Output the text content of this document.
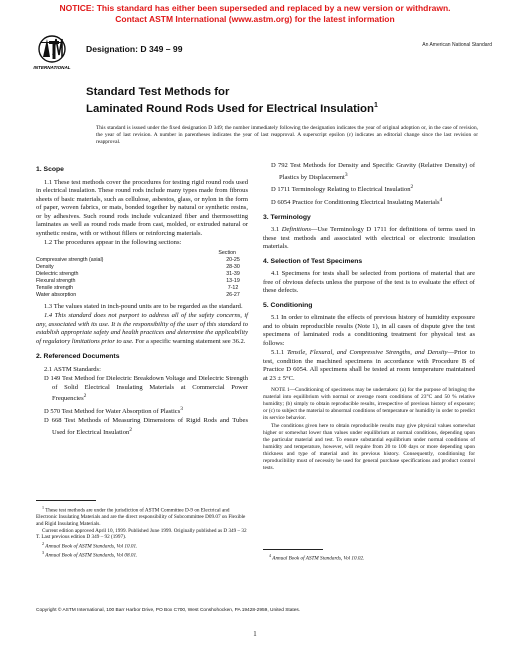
NOTICE: This standard has either been superseded and replaced by a new version or withdrawn.
Contact ASTM International (www.astm.org) for the latest information
INTERNATIONAL
Designation: D 349 – 99	An American National Standard
Standard Test Methods for
Laminated Round Rods Used for Electrical Insulation$^1$
This standard is issued under the fixed designation D 349; the number immediately following the designation indicates the year of original adoption or, in the case of revision, the year of last revision. A number in parentheses indicates the year of last reapproval. A superscript epsilon (ε) indicates an editorial change since the last revision or reapproval.
1. Scope

1.1 These test methods cover the procedures for testing rigid round rods used in electrical insulation. These round rods include many types made from fibrous sheets of basic materials, such as cellulose, asbestos, glass, or nylon in the form of paper, woven fabrics, or mats, bonded together by natural or synthetic resins, or by adhesives. Such round rods include vulcanized fiber and thermosetting laminates as well as round rods made from cast, molded, or extruded natural or synthetic resins, with or without fillers or reinforcing materials.

1.2 The procedures appear in the following sections:

Section
Compressive strength (axial)	20-25
Density	28-30
Dielectric strength	31-39
Flexural strength	13-19
Tensile strength	7-12
Water absorption	26-27

1.3 The values stated in inch-pound units are to be regarded as the standard.

1.4 This standard does not purport to address all of the safety concerns, if any, associated with its use. It is the responsibility of the user of this standard to establish appropriate safety and health practices and determine the applicability of regulatory limitations prior to use. For a specific warning statement see 36.2.

2. Referenced Documents

2.1 ASTM Standards:

D 149 Test Method for Dielectric Breakdown Voltage and Dielectric Strength of Solid Electrical Insulating Materials at Commercial Power Frequencies$^2$
D 570 Test Method for Water Absorption of Plastics$^3$
D 668 Test Methods of Measuring Dimensions of Rigid Rods and Tubes Used for Electrical Insulation$^2$

$^1$ These test methods are under the jurisdiction of ASTM Committee D-9 on Electrical and Electronic Insulating Materials and are the direct responsibility of Subcommittee D09.07 on Flexible and Rigid Insulating Materials.

Current edition approved April 10, 1999. Published June 1999. Originally published as D 349 – 32 T. Last previous edition D 349 – 92 (1997).

$^2$ Annual Book of ASTM Standards, Vol 10.01.

$^3$ Annual Book of ASTM Standards, Vol 08.01.

D 792 Test Methods for Density and Specific Gravity (Relative Density) of Plastics by Displacement$^3$
D 1711 Terminology Relating to Electrical Insulation$^2$
D 6054 Practice for Conditioning Electrical Insulating Materials$^4$
3. Terminology

3.1 Definitions—Use Terminology D 1711 for definitions of terms used in these test methods and associated with electrical or electronic insulation materials.

4. Selection of Test Specimens

4.1 Specimens for tests shall be selected from portions of material that are free of obvious defects unless the purpose of the test is to evaluate the effect of these defects.

5. Conditioning

5.1 In order to eliminate the effects of previous history of humidity exposure and to obtain reproducible results (Note 1), in all cases of dispute give the test specimens of laminated rods a conditioning treatment for physical test as follows:

5.1.1 Tensile, Flexural, and Compressive Strengths, and Density—Prior to test, condition the machined specimens in accordance with Procedure B of Practice D 6054. All specimens shall be tested at room temperature maintained at 23 ± 5°C.

NOTE 1—Conditioning of specimens may be undertaken: (a) for the purpose of bringing the material into equilibrium with normal or average room conditions of 23°C and 50 % relative humidity; (b) simply to obtain reproducible results, irrespective of previous history of exposure; or (c) to subject the material to abnormal conditions of temperature or humidity in order to predict its service behavior.
The conditions given here to obtain reproducible results may give physical values somewhat higher or somewhat lower than values under equilibrium at normal conditions, depending upon the particular material and test. To ensure substantial equilibrium under normal conditions of humidity and temperature, however, will require from 20 to 100 days or more depending upon thickness and type of material and its previous history. Consequently, conditioning for reproducibility must of necessity be used for general purchase specifications and product control tests.

$^4$ Annual Book of ASTM Standards, Vol 10.02.

Copyright © ASTM International, 100 Barr Harbor Drive, PO Box C700, West Conshohocken, PA 19428-2959, United States.
1
